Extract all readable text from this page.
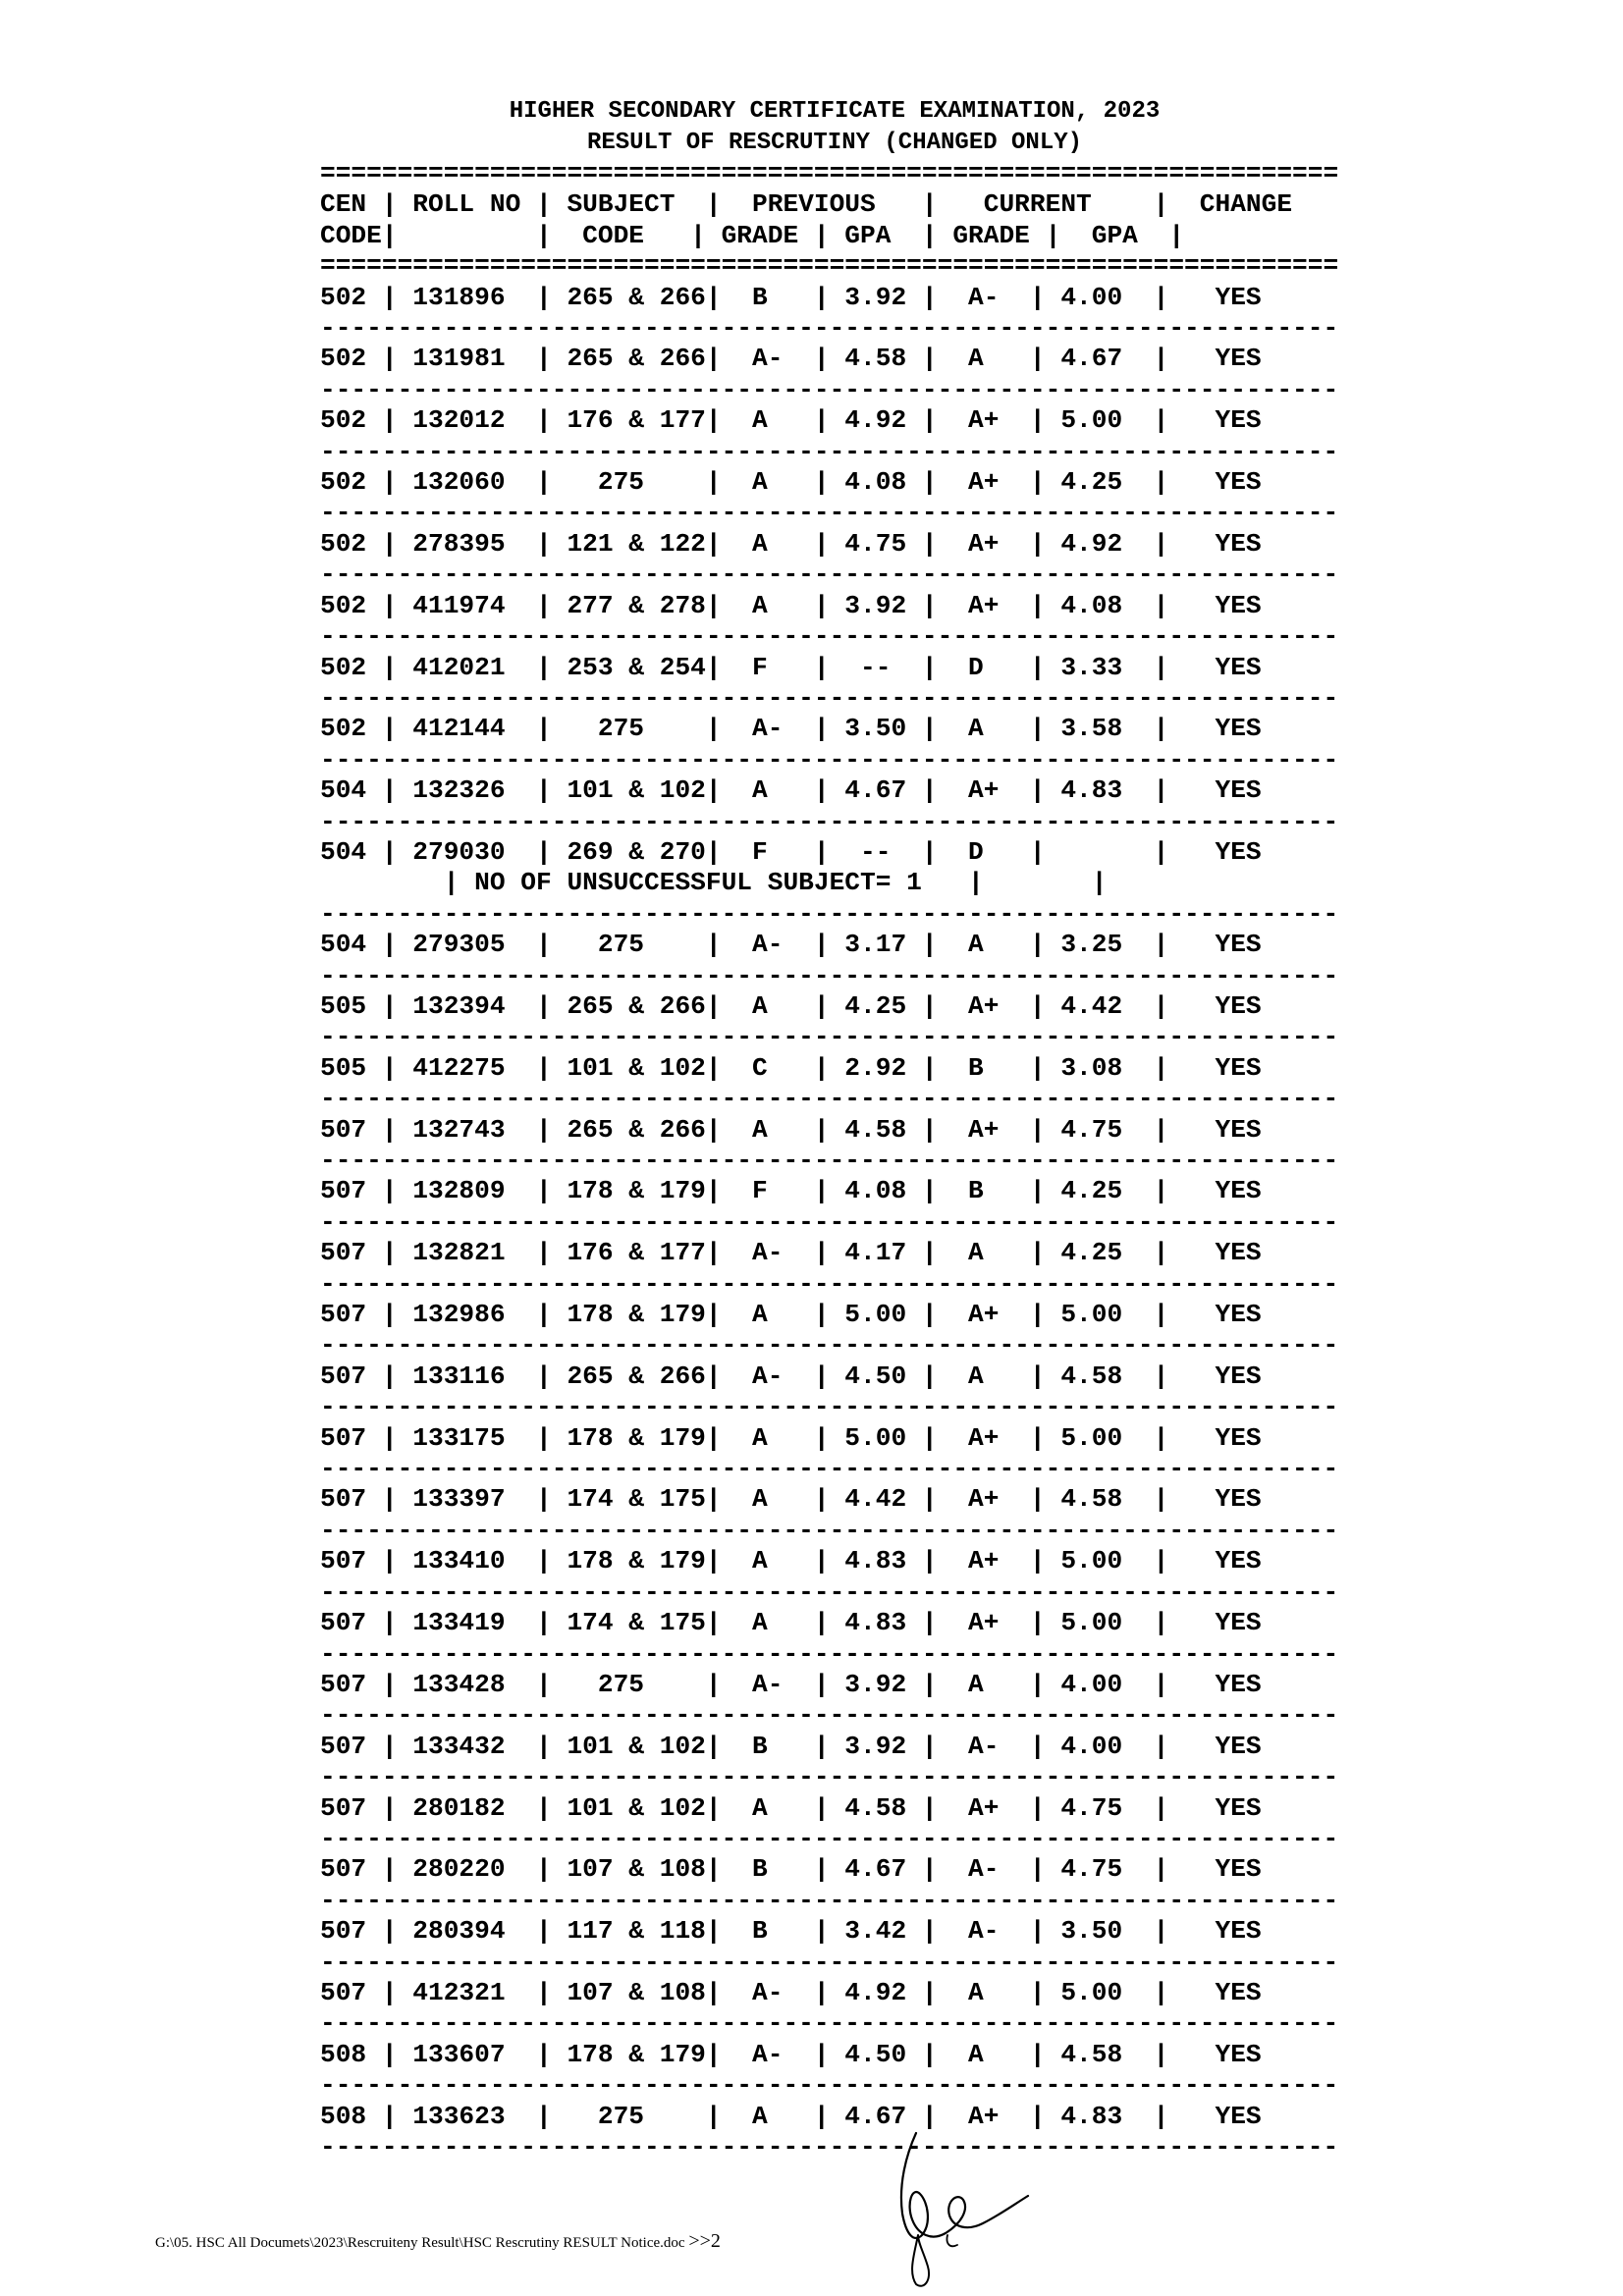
HIGHER SECONDARY CERTIFICATE EXAMINATION, 2023
RESULT OF RESCRUTINY (CHANGED ONLY)
==================================================================
CEN | ROLL NO | SUBJECT  |  PREVIOUS   |   CURRENT    |  CHANGE
CODE|         |  CODE   | GRADE | GPA  | GRADE |  GPA  |
==================================================================
502 | 131896  | 265 & 266|  B   | 3.92 |  A-  | 4.00  |   YES
------------------------------------------------------------------
502 | 131981  | 265 & 266|  A-  | 4.58 |  A   | 4.67  |   YES
------------------------------------------------------------------
502 | 132012  | 176 & 177|  A   | 4.92 |  A+  | 5.00  |   YES
------------------------------------------------------------------
502 | 132060  |   275    |  A   | 4.08 |  A+  | 4.25  |   YES
------------------------------------------------------------------
502 | 278395  | 121 & 122|  A   | 4.75 |  A+  | 4.92  |   YES
------------------------------------------------------------------
502 | 411974  | 277 & 278|  A   | 3.92 |  A+  | 4.08  |   YES
------------------------------------------------------------------
502 | 412021  | 253 & 254|  F   |  --  |  D   | 3.33  |   YES
------------------------------------------------------------------
502 | 412144  |   275    |  A-  | 3.50 |  A   | 3.58  |   YES
------------------------------------------------------------------
504 | 132326  | 101 & 102|  A   | 4.67 |  A+  | 4.83  |   YES
------------------------------------------------------------------
504 | 279030  | 269 & 270|  F   |  --  |  D   |       |   YES
| NO OF UNSUCCESSFUL SUBJECT= 1   |       |
------------------------------------------------------------------
504 | 279305  |   275    |  A-  | 3.17 |  A   | 3.25  |   YES
------------------------------------------------------------------
505 | 132394  | 265 & 266|  A   | 4.25 |  A+  | 4.42  |   YES
------------------------------------------------------------------
505 | 412275  | 101 & 102|  C   | 2.92 |  B   | 3.08  |   YES
------------------------------------------------------------------
507 | 132743  | 265 & 266|  A   | 4.58 |  A+  | 4.75  |   YES
------------------------------------------------------------------
507 | 132809  | 178 & 179|  F   | 4.08 |  B   | 4.25  |   YES
------------------------------------------------------------------
507 | 132821  | 176 & 177|  A-  | 4.17 |  A   | 4.25  |   YES
------------------------------------------------------------------
507 | 132986  | 178 & 179|  A   | 5.00 |  A+  | 5.00  |   YES
------------------------------------------------------------------
507 | 133116  | 265 & 266|  A-  | 4.50 |  A   | 4.58  |   YES
------------------------------------------------------------------
507 | 133175  | 178 & 179|  A   | 5.00 |  A+  | 5.00  |   YES
------------------------------------------------------------------
507 | 133397  | 174 & 175|  A   | 4.42 |  A+  | 4.58  |   YES
------------------------------------------------------------------
507 | 133410  | 178 & 179|  A   | 4.83 |  A+  | 5.00  |   YES
------------------------------------------------------------------
507 | 133419  | 174 & 175|  A   | 4.83 |  A+  | 5.00  |   YES
------------------------------------------------------------------
507 | 133428  |   275    |  A-  | 3.92 |  A   | 4.00  |   YES
------------------------------------------------------------------
507 | 133432  | 101 & 102|  B   | 3.92 |  A-  | 4.00  |   YES
------------------------------------------------------------------
507 | 280182  | 101 & 102|  A   | 4.58 |  A+  | 4.75  |   YES
------------------------------------------------------------------
507 | 280220  | 107 & 108|  B   | 4.67 |  A-  | 4.75  |   YES
------------------------------------------------------------------
507 | 280394  | 117 & 118|  B   | 3.42 |  A-  | 3.50  |   YES
------------------------------------------------------------------
507 | 412321  | 107 & 108|  A-  | 4.92 |  A   | 5.00  |   YES
------------------------------------------------------------------
508 | 133607  | 178 & 179|  A-  | 4.50 |  A   | 4.58  |   YES
------------------------------------------------------------------
508 | 133623  |   275    |  A   | 4.67 |  A+  | 4.83  |   YES
------------------------------------------------------------------
G:\05. HSC All Documets\2023\Rescruiteny Result\HSC Rescrutiny RESULT Notice.doc >>2
